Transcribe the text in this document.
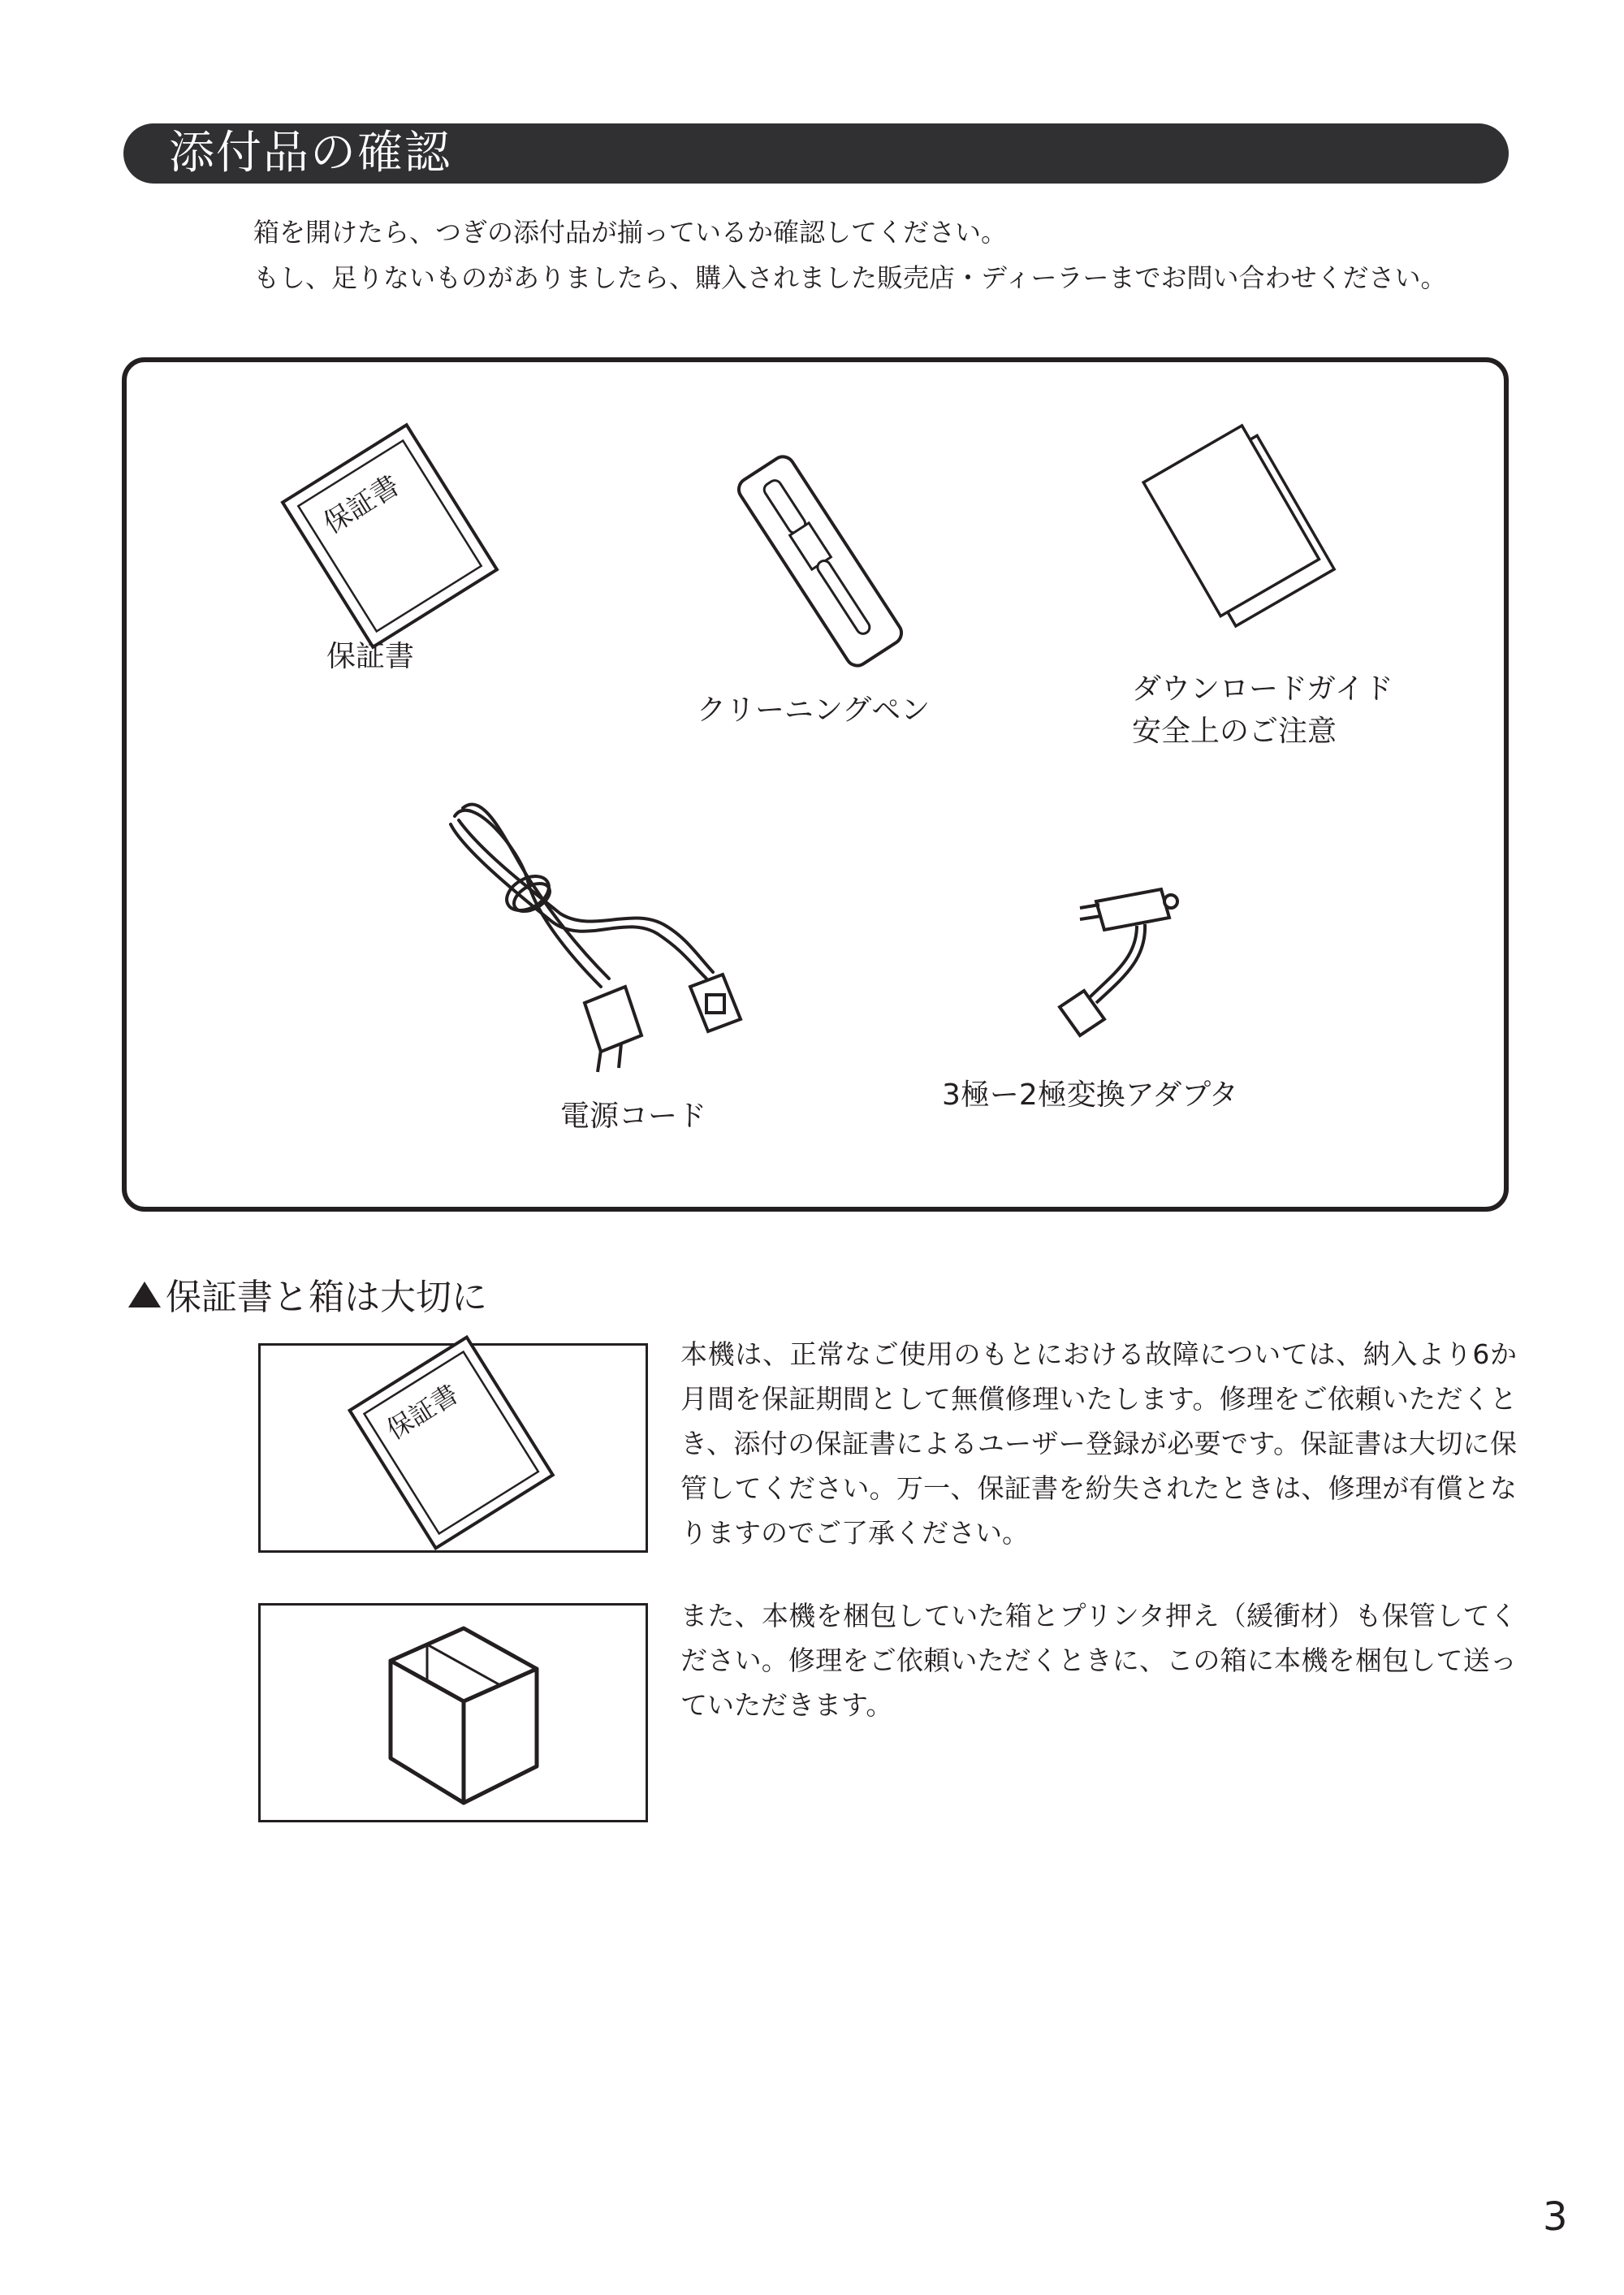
添付品の確認

箱を開けたら、つぎの添付品が揃っているか確認してください。

もし、足りないものがありましたら、購入されました販売店・ディーラーまでお問い合わせください。

保証書
保証書
クリーニングペン
ダウンロードガイド
安全上のご注意
電源コード
3極ー2極変換アダプタ
保証書と箱は大切に
保証書

本機は、正常なご使用のもとにおける故障については、納入より6か月間を保証期間として無償修理いたします。修理をご依頼いただくとき、添付の保証書によるユーザー登録が必要です。保証書は大切に保管してください。万一、保証書を紛失されたときは、修理が有償となりますのでご了承ください。

また、本機を梱包していた箱とプリンタ押え（緩衝材）も保管してください。修理をご依頼いただくときに、この箱に本機を梱包して送っていただきます。

3
